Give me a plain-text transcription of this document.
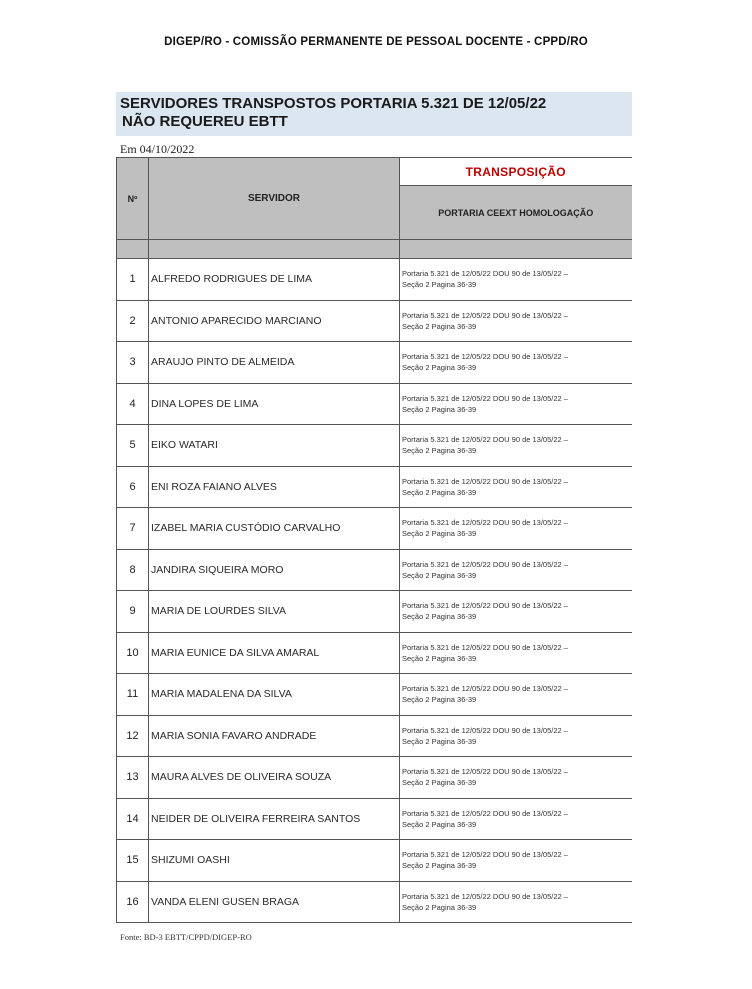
DIGEP/RO - COMISSÃO PERMANENTE DE PESSOAL DOCENTE - CPPD/RO
SERVIDORES TRANSPOSTOS PORTARIA 5.321 DE 12/05/22
NÃO REQUEREU EBTT
Em 04/10/2022
Nº	SERVIDOR	TRANSPOSIÇÃO
		PORTARIA CEEXT HOMOLOGAÇÃO

1	ALFREDO RODRIGUES DE LIMA	Portaria 5.321 de 12/05/22 DOU 90 de 13/05/22 –
Seção 2 Pagina 36-39

2	ANTONIO APARECIDO MARCIANO	Portaria 5.321 de 12/05/22 DOU 90 de 13/05/22 –
Seção 2 Pagina 36-39

3	ARAUJO PINTO DE ALMEIDA	Portaria 5.321 de 12/05/22 DOU 90 de 13/05/22 –
Seção 2 Pagina 36-39

4	DINA LOPES DE LIMA	Portaria 5.321 de 12/05/22 DOU 90 de 13/05/22 –
Seção 2 Pagina 36-39

5	EIKO WATARI	Portaria 5.321 de 12/05/22 DOU 90 de 13/05/22 –
Seção 2 Pagina 36-39

6	ENI ROZA FAIANO ALVES	Portaria 5.321 de 12/05/22 DOU 90 de 13/05/22 –
Seção 2 Pagina 36-39

7	IZABEL MARIA CUSTÓDIO CARVALHO	Portaria 5.321 de 12/05/22 DOU 90 de 13/05/22 –
Seção 2 Pagina 36-39

8	JANDIRA SIQUEIRA MORO	Portaria 5.321 de 12/05/22 DOU 90 de 13/05/22 –
Seção 2 Pagina 36-39

9	MARIA DE LOURDES SILVA	Portaria 5.321 de 12/05/22 DOU 90 de 13/05/22 –
Seção 2 Pagina 36-39

10	MARIA EUNICE DA SILVA AMARAL	Portaria 5.321 de 12/05/22 DOU 90 de 13/05/22 –
Seção 2 Pagina 36-39

11	MARIA MADALENA DA SILVA	Portaria 5.321 de 12/05/22 DOU 90 de 13/05/22 –
Seção 2 Pagina 36-39

12	MARIA SONIA FAVARO ANDRADE	Portaria 5.321 de 12/05/22 DOU 90 de 13/05/22 –
Seção 2 Pagina 36-39

13	MAURA ALVES DE OLIVEIRA SOUZA	Portaria 5.321 de 12/05/22 DOU 90 de 13/05/22 –
Seção 2 Pagina 36-39

14	NEIDER DE OLIVEIRA FERREIRA SANTOS	Portaria 5.321 de 12/05/22 DOU 90 de 13/05/22 –
Seção 2 Pagina 36-39

15	SHIZUMI OASHI	Portaria 5.321 de 12/05/22 DOU 90 de 13/05/22 –
Seção 2 Pagina 36-39

16	VANDA ELENI GUSEN BRAGA	Portaria 5.321 de 12/05/22 DOU 90 de 13/05/22 –
Seção 2 Pagina 36-39
Fonte: BD-3 EBTT/CPPD/DIGEP-RO
